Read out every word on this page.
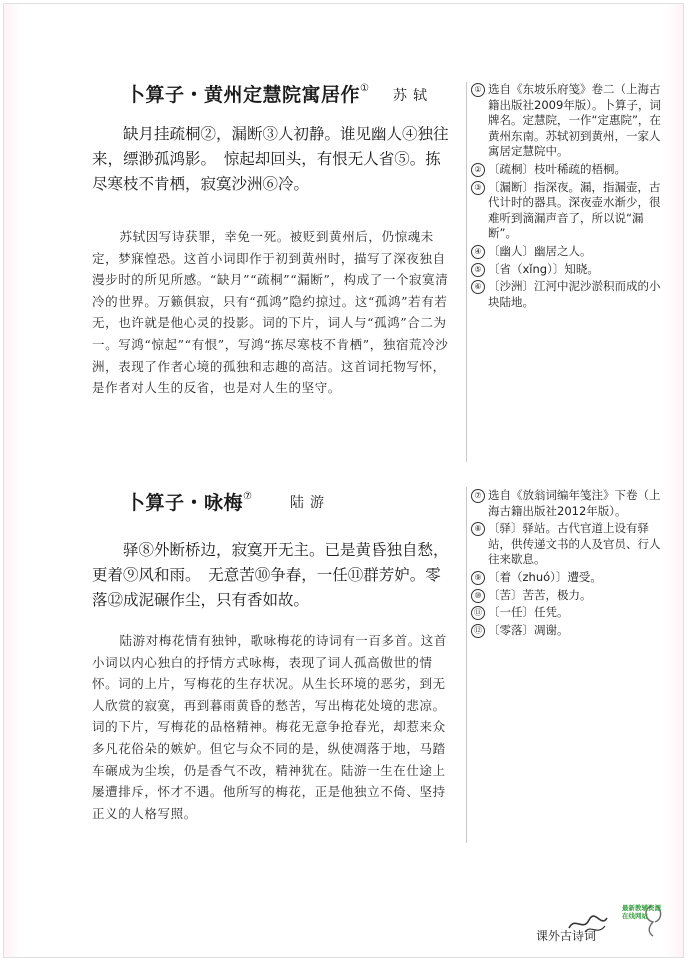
卜算子・黄州定慧院寓居作① 苏轼
缺月挂疏桐②，漏断③人初静。谁见幽人④独往来，缥渺孤鸿影。　惊起却回头，有恨无人省⑤。拣尽寒枝不肯栖，寂寞沙洲⑥冷。
苏轼因写诗获罪，幸免一死。被贬到黄州后，仍惊魂未定，梦寐惶恐。这首小词即作于初到黄州时，描写了深夜独自漫步时的所见所感。“缺月”“疏桐”“漏断”，构成了一个寂寞清冷的世界。万籁俱寂，只有“孤鸿”隐约掠过。这“孤鸿”若有若无，也许就是他心灵的投影。词的下片，词人与“孤鸿”合二为一。写鸿“惊起”“有恨”，写鸿“拣尽寒枝不肯栖”，独宿荒冷沙洲，表现了作者心境的孤独和志趣的高洁。这首词托物写怀，是作者对人生的反省，也是对人生的坚守。
① 选自《东坡乐府笺》卷二（上海古籍出版社2009年版）。卜算子，词牌名。定慧院，一作“定惠院”，在黄州东南。苏轼初到黄州，一家人寓居定慧院中。
② 〔疏桐〕枝叶稀疏的梧桐。
③ 〔漏断〕指深夜。漏，指漏壶，古代计时的器具。深夜壶水渐少，很难听到滴漏声音了，所以说“漏断”。
④ 〔幽人〕幽居之人。
⑤ 〔省（xǐng）〕知晓。
⑥ 〔沙洲〕江河中泥沙淤积而成的小块陆地。
卜算子・咏梅⑦	陆游
驿⑧外断桥边，寂寞开无主。已是黄昏独自愁，更着⑨风和雨。　无意苦⑩争春，一任⑪群芳妒。零落⑫成泥碾作尘，只有香如故。
陆游对梅花情有独钟，歌咏梅花的诗词有一百多首。这首小词以内心独白的抒情方式咏梅，表现了词人孤高傲世的情怀。词的上片，写梅花的生存状况。从生长环境的恶劣，到无人欣赏的寂寞，再到暮雨黄昏的愁苦，写出梅花处境的悲凉。词的下片，写梅花的品格精神。梅花无意争抢春光，却惹来众多凡花俗朵的嫉妒。但它与众不同的是，纵使凋落于地，马踏车碾成为尘埃，仍是香气不改，精神犹在。陆游一生在仕途上屡遭排斥，怀才不遇。他所写的梅花，正是他独立不倚、坚持正义的人格写照。
⑦ 选自《放翁词编年笺注》下卷（上海古籍出版社2012年版）。
⑧ 〔驿〕驿站。古代官道上设有驿站，供传递文书的人及官员、行人往来歇息。
⑨ 〔着（zhuó）〕遭受。
⑩ 〔苦〕苦苦，极力。
⑪ 〔一任〕任凭。
⑫ 〔零落〕凋谢。
课外古诗词
最新教辅资源在线网站
